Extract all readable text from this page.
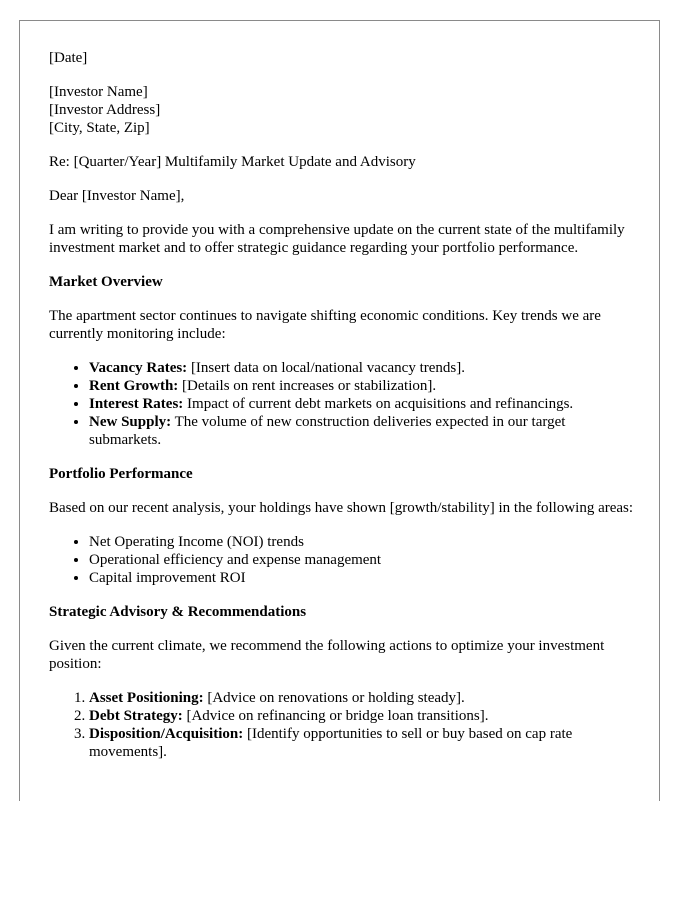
[Date]

[Investor Name]
[Investor Address]
[City, State, Zip]

Re: [Quarter/Year] Multifamily Market Update and Advisory

Dear [Investor Name],

I am writing to provide you with a comprehensive update on the current state of the multifamily investment market and to offer strategic guidance regarding your portfolio performance.

Market Overview

The apartment sector continues to navigate shifting economic conditions. Key trends we are currently monitoring include:

• Vacancy Rates: [Insert data on local/national vacancy trends].
• Rent Growth: [Details on rent increases or stabilization].
• Interest Rates: Impact of current debt markets on acquisitions and refinancings.
• New Supply: The volume of new construction deliveries expected in our target submarkets.
Portfolio Performance

Based on our recent analysis, your holdings have shown [growth/stability] in the following areas:

• Net Operating Income (NOI) trends
• Operational efficiency and expense management
• Capital improvement ROI
Strategic Advisory & Recommendations

Given the current climate, we recommend the following actions to optimize your investment position:

1. Asset Positioning: [Advice on renovations or holding steady].
2. Debt Strategy: [Advice on refinancing or bridge loan transitions].
3. Disposition/Acquisition: [Identify opportunities to sell or buy based on cap rate movements].
